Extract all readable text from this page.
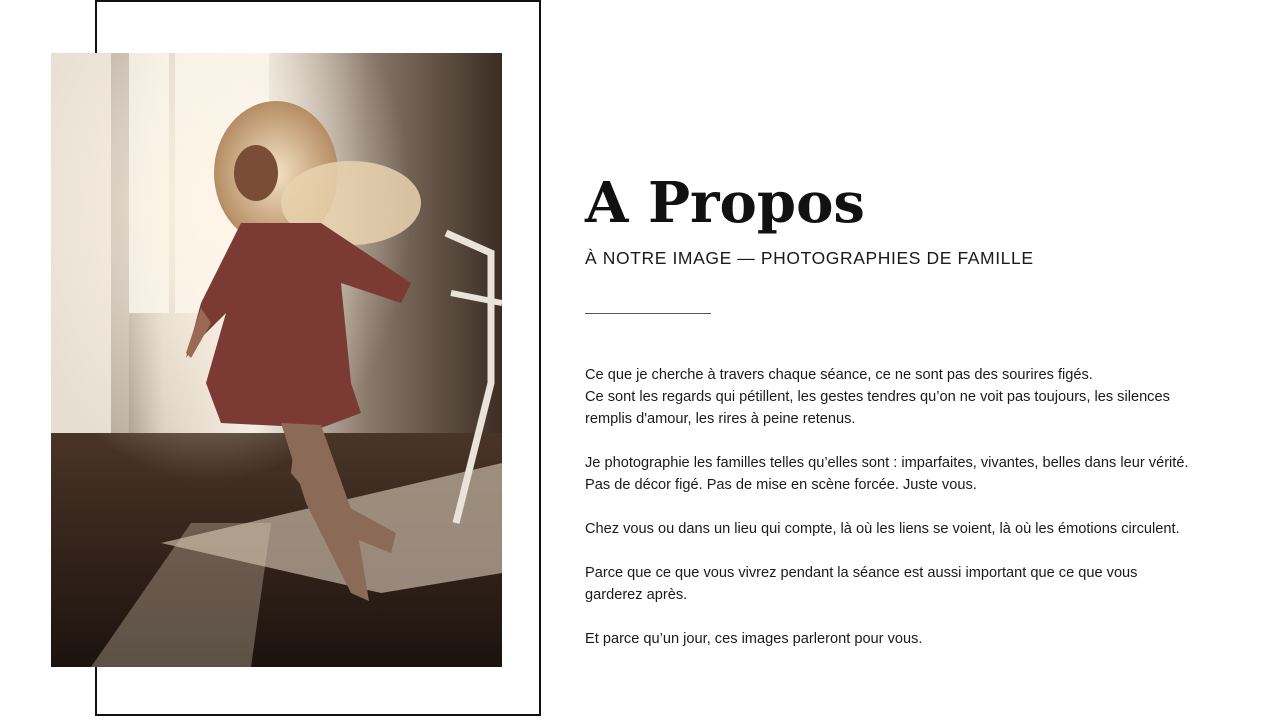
A Propos
À NOTRE IMAGE — PHOTOGRAPHIES DE FAMILLE

Ce que je cherche à travers chaque séance, ce ne sont pas des sourires figés.
Ce sont les regards qui pétillent, les gestes tendres qu’on ne voit pas toujours, les silences
remplis d'amour, les rires à peine retenus.

Je photographie les familles telles qu’elles sont : imparfaites, vivantes, belles dans leur vérité.
Pas de décor figé. Pas de mise en scène forcée. Juste vous.

Chez vous ou dans un lieu qui compte, là où les liens se voient, là où les émotions circulent.

Parce que ce que vous vivrez pendant la séance est aussi important que ce que vous
garderez après.

Et parce qu’un jour, ces images parleront pour vous.
